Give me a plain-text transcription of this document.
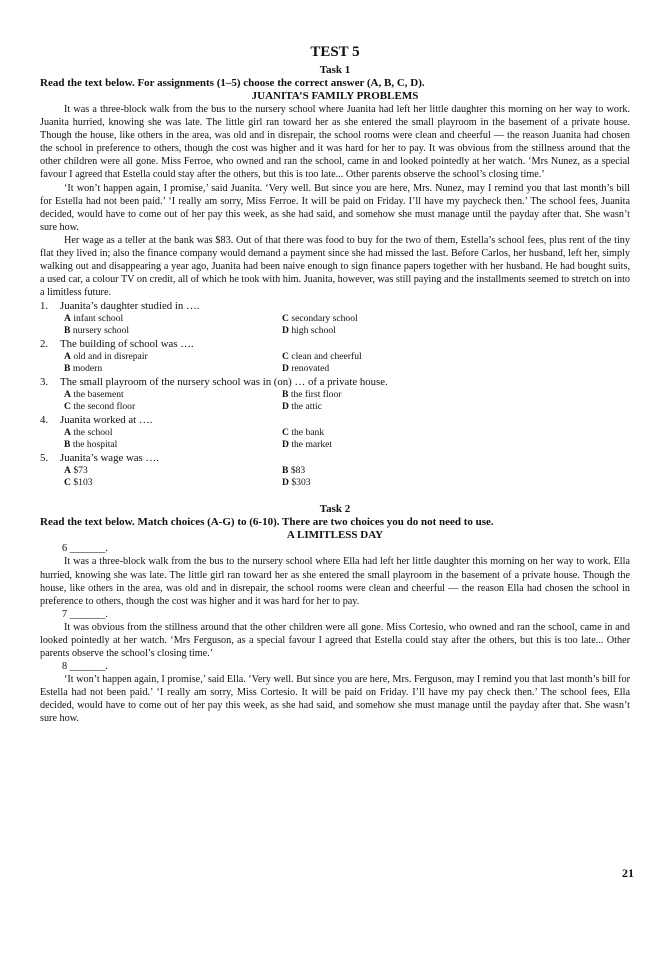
TEST 5
Task 1
Read the text below. For assignments (1–5) choose the correct answer (A, B, C, D).
JUANITA’S FAMILY PROBLEMS

It was a three-block walk from the bus to the nursery school where Juanita had left her little daughter this morning on her way to work. Juanita hurried, knowing she was late. The little girl ran toward her as she entered the small playroom in the basement of a private house. Though the house, like others in the area, was old and in disrepair, the school rooms were clean and cheerful — the reason Juanita had chosen the school in preference to others, though the cost was higher and it was hard for her to pay. It was obvious from the stillness around that the other children were all gone. Miss Ferroe, who owned and ran the school, came in and looked pointedly at her watch. ‘Mrs Nunez, as a special favour I agreed that Estella could stay after the others, but this is too late... Other parents observe the school’s closing time.’

‘It won’t happen again, I promise,’ said Juanita. ‘Very well. But since you are here, Mrs. Nunez, may I remind you that last month’s bill for Estella had not been paid.’ ‘I really am sorry, Miss Ferroe. It will be paid on Friday. I’ll have my paycheck then.’ The school fees, Juanita decided, would have to come out of her pay this week, as she had said, and somehow she must manage until the payday after that. She wasn’t sure how.

Her wage as a teller at the bank was $83. Out of that there was food to buy for the two of them, Estella’s school fees, plus rent of the tiny flat they lived in; also the finance company would demand a payment since she had missed the last. Before Carlos, her husband, left her, simply walking out and disappearing a year ago, Juanita had been naive enough to sign finance papers together with her husband. He had bought suits, a used car, a colour TV on credit, all of which he took with him. Juanita, however, was still paying and the installments seemed to stretch on into a limitless future.

1. Juanita’s daughter studied in ….
A infant school	C secondary school
B nursery school	D high school
2. The building of school was ….
A old and in disrepair	C clean and cheerful
B modern	D renovated
3. The small playroom of the nursery school was in (on) … of a private house.
A the basement	B the first floor
C the second floor	D the attic
4. Juanita worked at ….
A the school	C the bank
B the hospital	D the market
5. Juanita’s wage was ….
A $73	B $83
C $103	D $303
Task 2
Read the text below. Match choices (A-G) to (6-10). There are two choices you do not need to use.
A LIMITLESS DAY
6 _______.

It was a three-block walk from the bus to the nursery school where Ella had left her little daughter this morning on her way to work. Ella hurried, knowing she was late. The little girl ran toward her as she entered the small playroom in the basement of a private house. Though the house, like others in the area, was old and in disrepair, the school rooms were clean and cheerful — the reason Ella had chosen the school in preference to others, though the cost was higher and it was hard for her to pay.

7 _______.

It was obvious from the stillness around that the other children were all gone. Miss Cortesio, who owned and ran the school, came in and looked pointedly at her watch. ‘Mrs Ferguson, as a special favour I agreed that Estella could stay after the others, but this is too late... Other parents observe the school’s closing time.’

8 _______.

‘It won’t happen again, I promise,’ said Ella. ‘Very well. But since you are here, Mrs. Ferguson, may I remind you that last month’s bill for Estella had not been paid.’ ‘I really am sorry, Miss Cortesio. It will be paid on Friday. I’ll have my pay check then.’ The school fees, Ella decided, would have to come out of her pay this week, as she had said, and somehow she must manage until the payday after that. She wasn’t sure how.

21
